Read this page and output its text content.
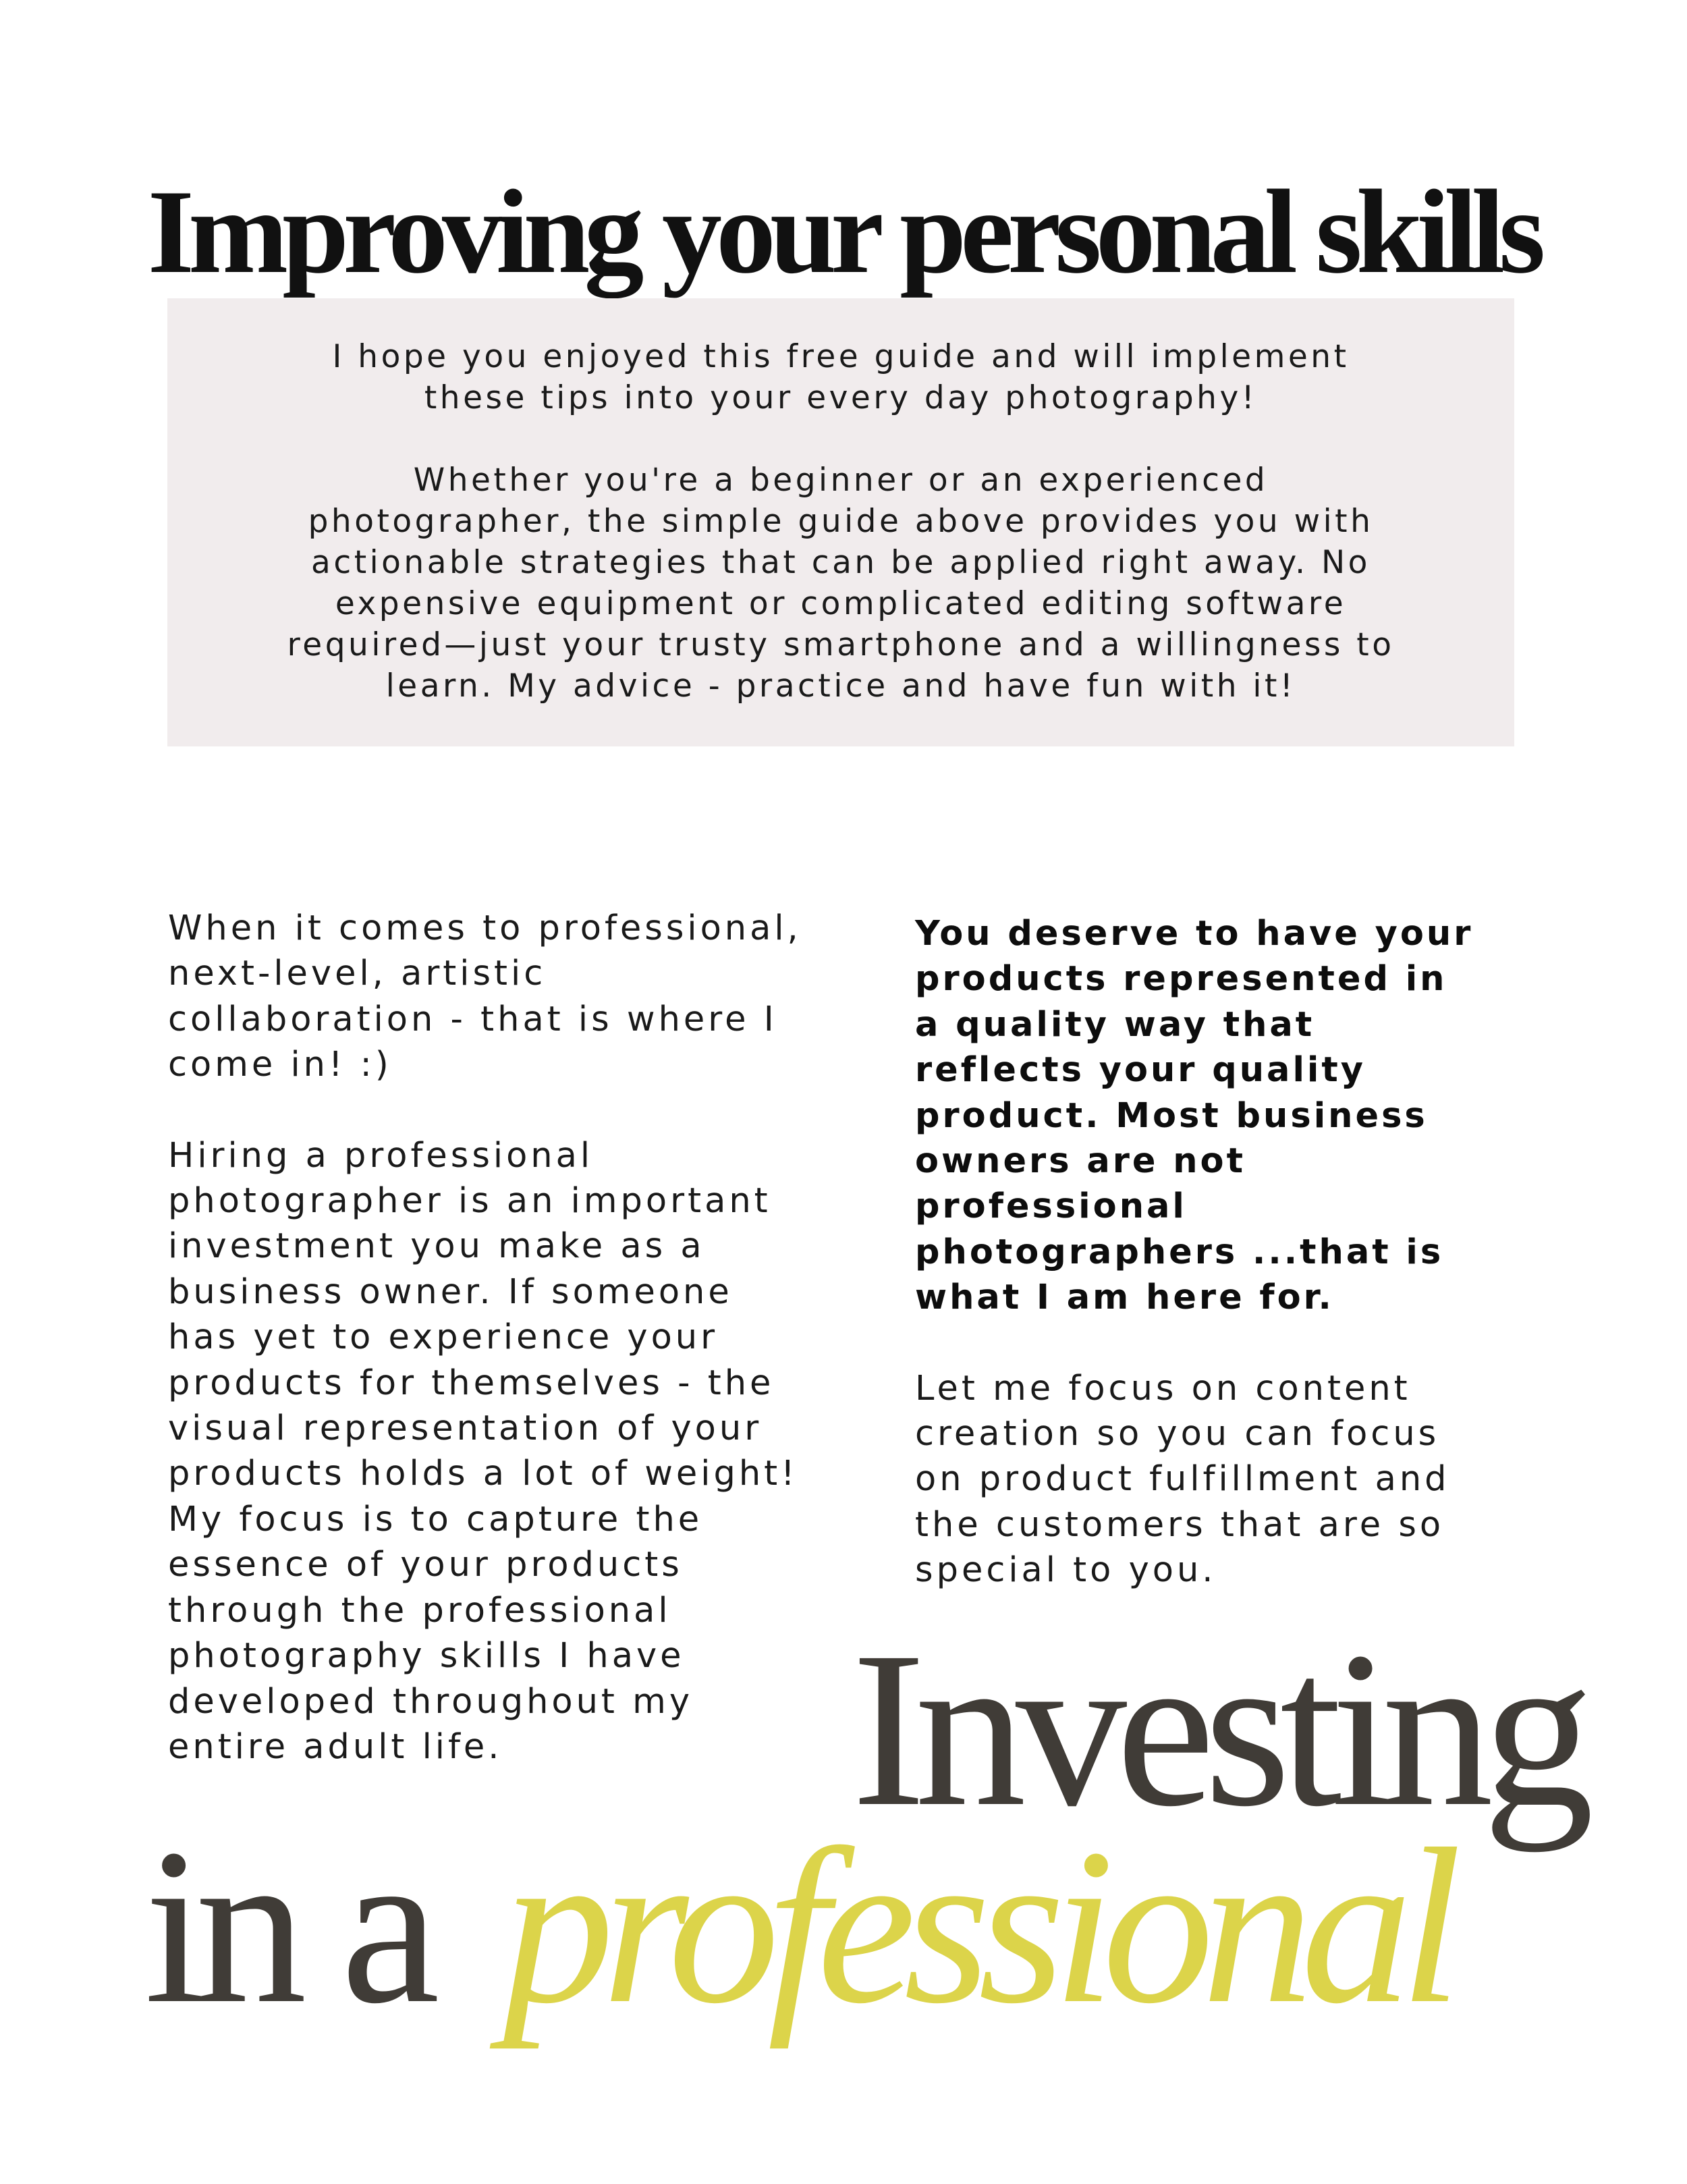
Improving your personal skills

I hope you enjoyed this free guide and will implement
these tips into your every day photography!

Whether you're a beginner or an experienced
photographer, the simple guide above provides you with
actionable strategies that can be applied right away. No
expensive equipment or complicated editing software
required—just your trusty smartphone and a willingness to
learn. My advice - practice and have fun with it!

When it comes to professional,
next-level, artistic
collaboration - that is where I
come in! :)

Hiring a professional
photographer is an important
investment you make as a
business owner. If someone
has yet to experience your
products for themselves - the
visual representation of your
products holds a lot of weight!
My focus is to capture the
essence of your products
through the professional
photography skills I have
developed throughout my
entire adult life.

You deserve to have your
products represented in
a quality way that
reflects your quality
product. Most business
owners are not
professional
photographers ...that is
what I am here for.

Let me focus on content
creation so you can focus
on product fulfillment and
the customers that are so
special to you.

Investing
in a professional
